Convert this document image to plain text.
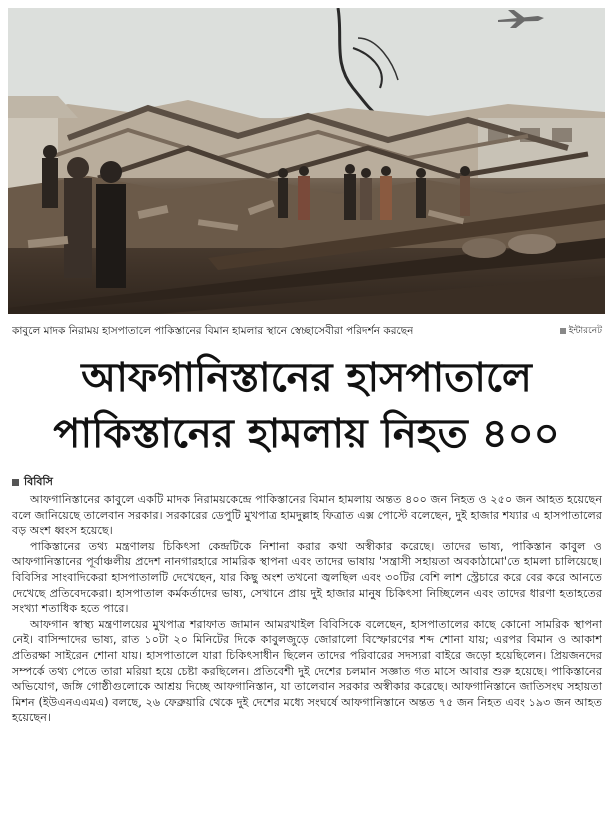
কাবুলে মাদক নিরাময় হাসপাতালে পাকিস্তানের বিমান হামলার স্থানে স্বেচ্ছাসেবীরা পরিদর্শন করছেন	ইন্টারনেট
আফগানিস্তানের হাসপাতালে
পাকিস্তানের হামলায় নিহত ৪০০
বিবিসি

আফগানিস্তানের কাবুলে একটি মাদক নিরাময়কেন্দ্রে পাকিস্তানের বিমান হামলায় অন্তত ৪০০ জন নিহত ও ২৫০ জন আহত হয়েছেন বলে জানিয়েছে তালেবান সরকার। সরকারের ডেপুটি মুখপাত্র হামদুল্লাহ ফিত্রাত এক্স পোস্টে বলেছেন, দুই হাজার শয্যার এ হাসপাতালের বড় অংশ ধ্বংস হয়েছে।

পাকিস্তানের তথ্য মন্ত্রণালয় চিকিৎসা কেন্দ্রটিকে নিশানা করার কথা অস্বীকার করেছে। তাদের ভাষ্য, পাকিস্তান কাবুল ও আফগানিস্তানের পূর্বাঞ্চলীয় প্রদেশ নানগারহারে সামরিক স্থাপনা এবং তাদের ভাষায় 'সন্ত্রাসী সহায়তা অবকাঠামো'তে হামলা চালিয়েছে। বিবিসির সাংবাদিকেরা হাসপাতালটি দেখেছেন, যার কিছু অংশ তখনো জ্বলছিল এবং ৩০টির বেশি লাশ স্ট্রেচারে করে বের করে আনতে দেখেছে প্রতিবেদকেরা। হাসপাতাল কর্মকর্তাদের ভাষ্য, সেখানে প্রায় দুই হাজার মানুষ চিকিৎসা নিচ্ছিলেন এবং তাদের ধারণা হতাহতের সংখ্যা শতাধিক হতে পারে।

আফগান স্বাস্থ্য মন্ত্রণালয়ের মুখপাত্র শরাফাত জামান আমরখাইল বিবিসিকে বলেছেন, হাসপাতালের কাছে কোনো সামরিক স্থাপনা নেই। বাসিন্দাদের ভাষ্য, রাত ১০টা ২০ মিনিটের দিকে কাবুলজুড়ে জোরালো বিস্ফোরণের শব্দ শোনা যায়; এরপর বিমান ও আকাশ প্রতিরক্ষা সাইরেন শোনা যায়। হাসপাতালে যারা চিকিৎসাধীন ছিলেন তাদের পরিবারের সদস্যরা বাইরে জড়ো হয়েছিলেন। প্রিয়জনদের সম্পর্কে তথ্য পেতে তারা মরিয়া হয়ে চেষ্টা করছিলেন। প্রতিবেশী দুই দেশের চলমান সজ্ঞাত গত মাসে আবার শুরু হয়েছে। পাকিস্তানের অভিযোগ, জঙ্গি গোষ্ঠীগুলোকে আশ্রয় দিচ্ছে আফগানিস্তান, যা তালেবান সরকার অস্বীকার করেছে। আফগানিস্তানে জাতিসংঘ সহায়তা মিশন (ইউএনএএমএ) বলছে, ২৬ ফেব্রুয়ারি থেকে দুই দেশের মধ্যে সংঘর্ষে আফগানিস্তানে অন্তত ৭৫ জন নিহত এবং ১৯৩ জন আহত হয়েছেন।
